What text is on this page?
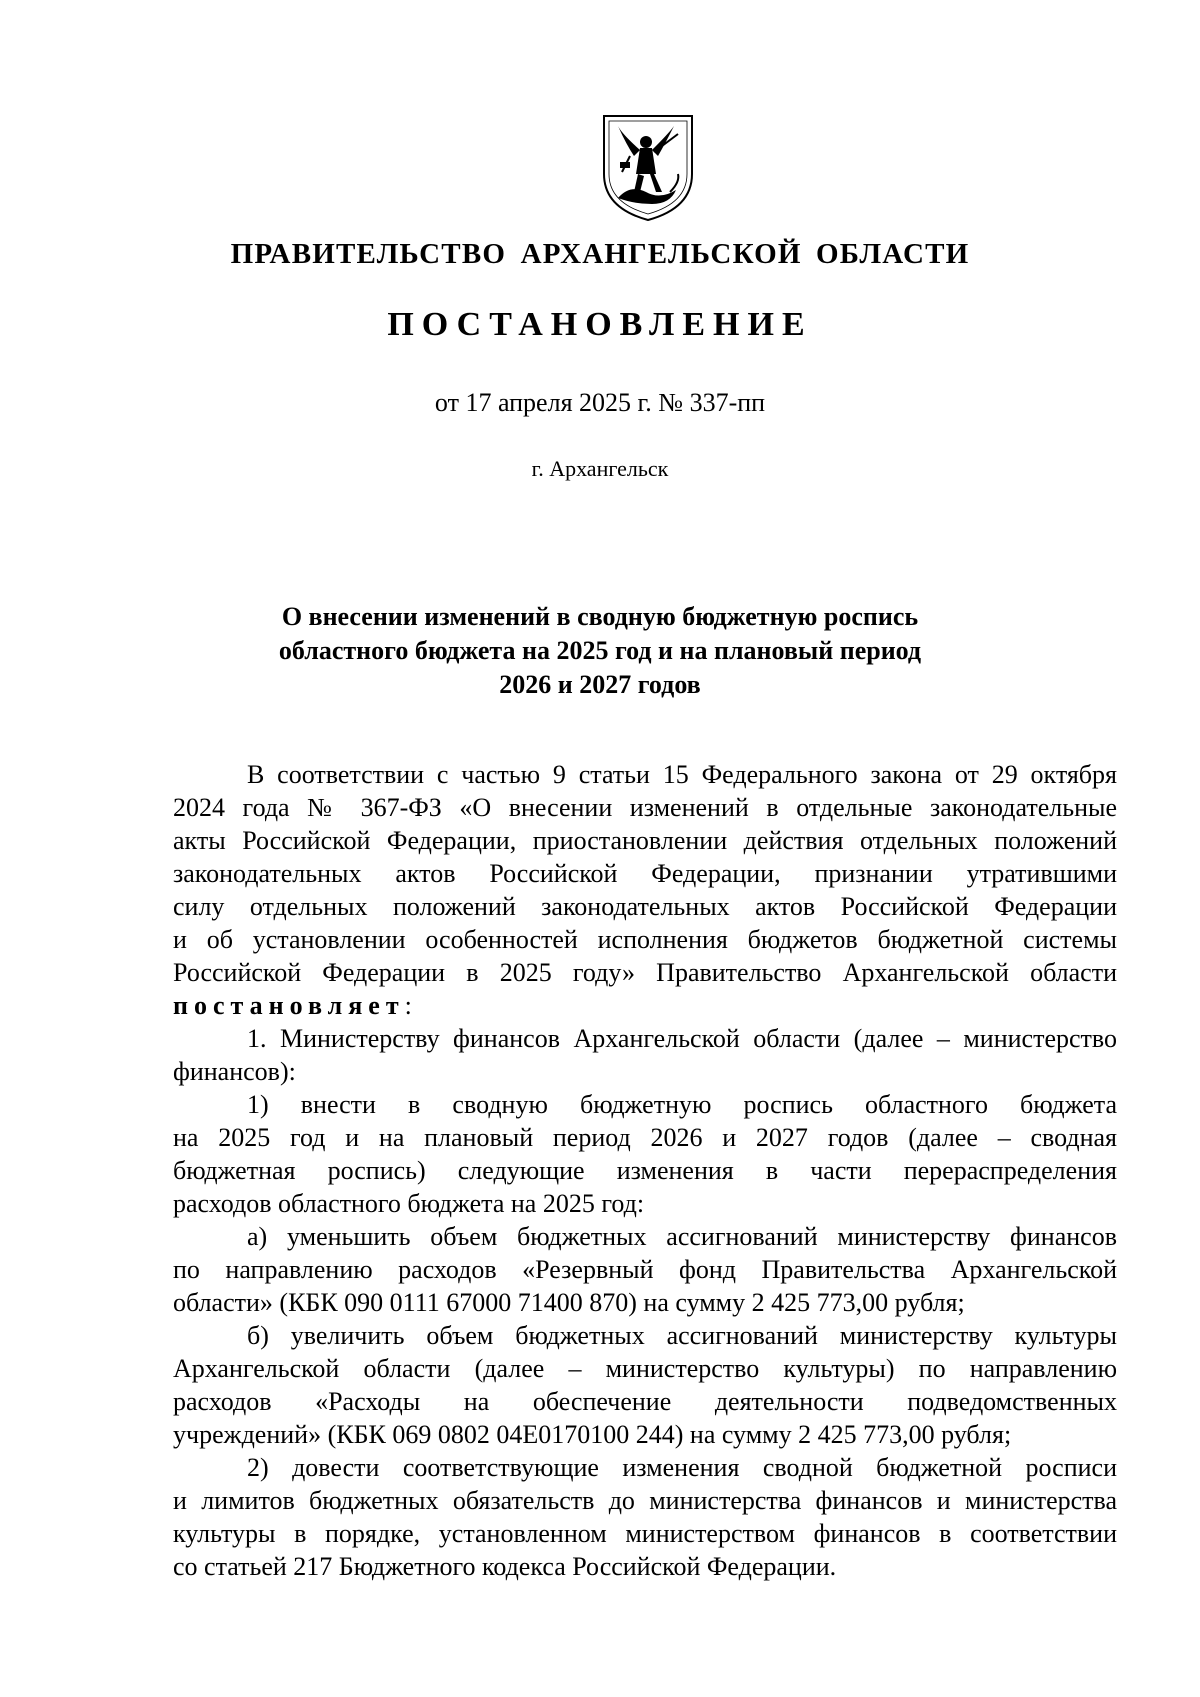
ПРАВИТЕЛЬСТВО АРХАНГЕЛЬСКОЙ ОБЛАСТИ
ПОСТАНОВЛЕНИЕ
от 17 апреля 2025 г. № 337-пп
г. Архангельск
О внесении изменений в сводную бюджетную роспись
областного бюджета на 2025 год и на плановый период
2026 и 2027 годов
В соответствии с частью 9 статьи 15 Федерального закона от 29 октября
2024 года № 367-ФЗ «О внесении изменений в отдельные законодательные
акты Российской Федерации, приостановлении действия отдельных положений
законодательных актов Российской Федерации, признании утратившими
силу отдельных положений законодательных актов Российской Федерации
и об установлении особенностей исполнения бюджетов бюджетной системы
Российской Федерации в 2025 году» Правительство Архангельской области
постановляет:
1. Министерству финансов Архангельской области (далее – министерство
финансов):
1) внести в сводную бюджетную роспись областного бюджета
на 2025 год и на плановый период 2026 и 2027 годов (далее – сводная
бюджетная роспись) следующие изменения в части перераспределения
расходов областного бюджета на 2025 год:
а) уменьшить объем бюджетных ассигнований министерству финансов
по направлению расходов «Резервный фонд Правительства Архангельской
области» (КБК 090 0111 67000 71400 870) на сумму 2 425 773,00 рубля;
б) увеличить объем бюджетных ассигнований министерству культуры
Архангельской области (далее – министерство культуры) по направлению
расходов «Расходы на обеспечение деятельности подведомственных
учреждений» (КБК 069 0802 04Е0170100 244) на сумму 2 425 773,00 рубля;
2) довести соответствующие изменения сводной бюджетной росписи
и лимитов бюджетных обязательств до министерства финансов и министерства
культуры в порядке, установленном министерством финансов в соответствии
со статьей 217 Бюджетного кодекса Российской Федерации.
